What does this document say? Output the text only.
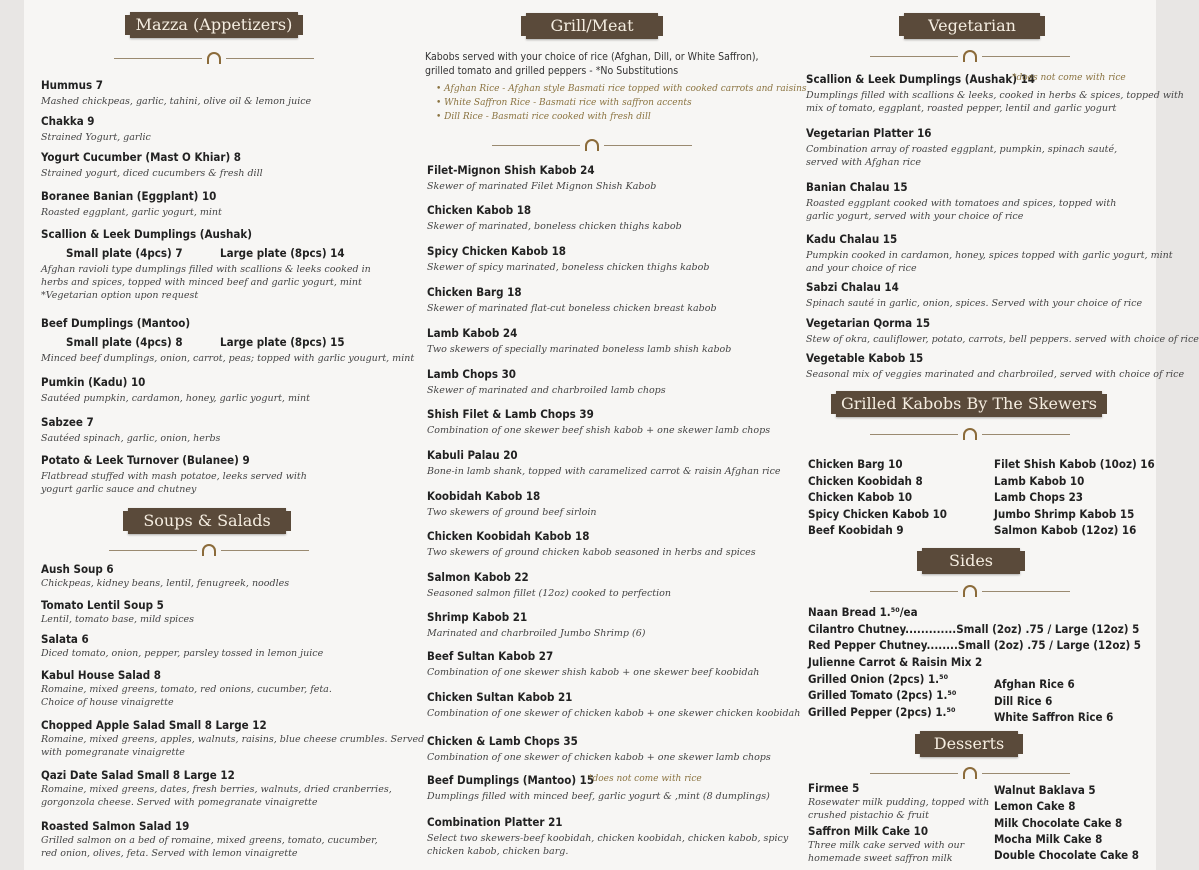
Mazza (Appetizers)
Soups & Salads
Grill/Meat
Kabobs served with your choice of rice (Afghan, Dill, or White Saffron),
grilled tomato and grilled peppers - *No Substitutions
• Afghan Rice - Afghan style Basmati rice topped with cooked carrots and raisins
• White Saffron Rice - Basmati rice with saffron accents
• Dill Rice - Basmati rice cooked with fresh dill
Vegetarian
Grilled Kabobs By The Skewers
Sides
Desserts
Hummus 7
Mashed chickpeas, garlic, tahini, olive oil & lemon juice
Chakka 9
Strained Yogurt, garlic
Yogurt Cucumber (Mast O Khiar) 8
Strained yogurt, diced cucumbers & fresh dill
Boranee Banian (Eggplant) 10
Roasted eggplant, garlic yogurt, mint
Scallion & Leek Dumplings (Aushak)
Small plate (4pcs) 7	Large plate (8pcs) 14
Afghan ravioli type dumplings filled with scallions & leeks cooked in
herbs and spices, topped with minced beef and garlic yogurt, mint
*Vegetarian option upon request
Beef Dumplings (Mantoo)
Small plate (4pcs) 8	Large plate (8pcs) 15
Minced beef dumplings, onion, carrot, peas; topped with garlic yougurt, mint
Pumkin (Kadu) 10
Sautéed pumpkin, cardamon, honey, garlic yogurt, mint
Sabzee 7
Sautéed spinach, garlic, onion, herbs
Potato & Leek Turnover (Bulanee) 9
Flatbread stuffed with mash potatoe, leeks served with
yogurt garlic sauce and chutney
Aush Soup 6
Chickpeas, kidney beans, lentil, fenugreek, noodles
Tomato Lentil Soup 5
Lentil, tomato base, mild spices
Salata 6
Diced tomato, onion, pepper, parsley tossed in lemon juice
Kabul House Salad 8
Romaine, mixed greens, tomato, red onions, cucumber, feta.
Choice of house vinaigrette
Chopped Apple Salad Small 8 Large 12
Romaine, mixed greens, apples, walnuts, raisins, blue cheese crumbles. Served
with pomegranate vinaigrette
Qazi Date Salad Small 8 Large 12
Romaine, mixed greens, dates, fresh berries, walnuts, dried cranberries,
gorgonzola cheese. Served with pomegranate vinaigrette
Roasted Salmon Salad 19
Grilled salmon on a bed of romaine, mixed greens, tomato, cucumber,
red onion, olives, feta. Served with lemon vinaigrette
Filet-Mignon Shish Kabob 24
Skewer of marinated Filet Mignon Shish Kabob
Chicken Kabob 18
Skewer of marinated, boneless chicken thighs kabob
Spicy Chicken Kabob 18
Skewer of spicy marinated, boneless chicken thighs kabob
Chicken Barg 18
Skewer of marinated flat-cut boneless chicken breast kabob
Lamb Kabob 24
Two skewers of specially marinated boneless lamb shish kabob
Lamb Chops 30
Skewer of marinated and charbroiled lamb chops
Shish Filet & Lamb Chops 39
Combination of one skewer beef shish kabob + one skewer lamb chops
Kabuli Palau 20
Bone-in lamb shank, topped with caramelized carrot & raisin Afghan rice
Koobidah Kabob 18
Two skewers of ground beef sirloin
Chicken Koobidah Kabob 18
Two skewers of ground chicken kabob seasoned in herbs and spices
Salmon Kabob 22
Seasoned salmon fillet (12oz) cooked to perfection
Shrimp Kabob 21
Marinated and charbroiled Jumbo Shrimp (6)
Beef Sultan Kabob 27
Combination of one skewer shish kabob + one skewer beef koobidah
Chicken Sultan Kabob 21
Combination of one skewer of chicken kabob + one skewer chicken koobidah
Chicken & Lamb Chops 35
Combination of one skewer of chicken kabob + one skewer lamb chops
Beef Dumplings (Mantoo) 15
*does not come with rice
Dumplings filled with minced beef, garlic yogurt & ,mint (8 dumplings)
Combination Platter 21
Select two skewers-beef koobidah, chicken koobidah, chicken kabob, spicy
chicken kabob, chicken barg.
Scallion & Leek Dumplings (Aushak) 14
*does not come with rice
Dumplings filled with scallions & leeks, cooked in herbs & spices, topped with
mix of tomato, eggplant, roasted pepper, lentil and garlic yogurt
Vegetarian Platter 16
Combination array of roasted eggplant, pumpkin, spinach sauté,
served with Afghan rice
Banian Chalau 15
Roasted eggplant cooked with tomatoes and spices, topped with
garlic yogurt, served with your choice of rice
Kadu Chalau 15
Pumpkin cooked in cardamon, honey, spices topped with garlic yogurt, mint
and your choice of rice
Sabzi Chalau 14
Spinach sauté in garlic, onion, spices. Served with your choice of rice
Vegetarian Qorma 15
Stew of okra, cauliflower, potato, carrots, bell peppers. served with choice of rice
Vegetable Kabob 15
Seasonal mix of veggies marinated and charbroiled, served with choice of rice
Chicken Barg 10
Chicken Koobidah 8
Chicken Kabob 10
Spicy Chicken Kabob 10
Beef Koobidah 9
Filet Shish Kabob (10oz) 16
Lamb Kabob 10
Lamb Chops 23
Jumbo Shrimp Kabob 15
Salmon Kabob (12oz) 16
Naan Bread 1.⁵⁰/ea
Cilantro Chutney.............Small (2oz) .75 / Large (12oz) 5
Red Pepper Chutney........Small (2oz) .75 / Large (12oz) 5
Julienne Carrot & Raisin Mix 2
Grilled Onion (2pcs) 1.⁵⁰
Grilled Tomato (2pcs) 1.⁵⁰
Grilled Pepper (2pcs) 1.⁵⁰
Afghan Rice 6
Dill Rice 6
White Saffron Rice 6
Firmee 5
Rosewater milk pudding, topped with
crushed pistachio & fruit
Saffron Milk Cake 10
Three milk cake served with our
homemade sweet saffron milk
Walnut Baklava 5
Lemon Cake 8
Milk Chocolate Cake 8
Mocha Milk Cake 8
Double Chocolate Cake 8
